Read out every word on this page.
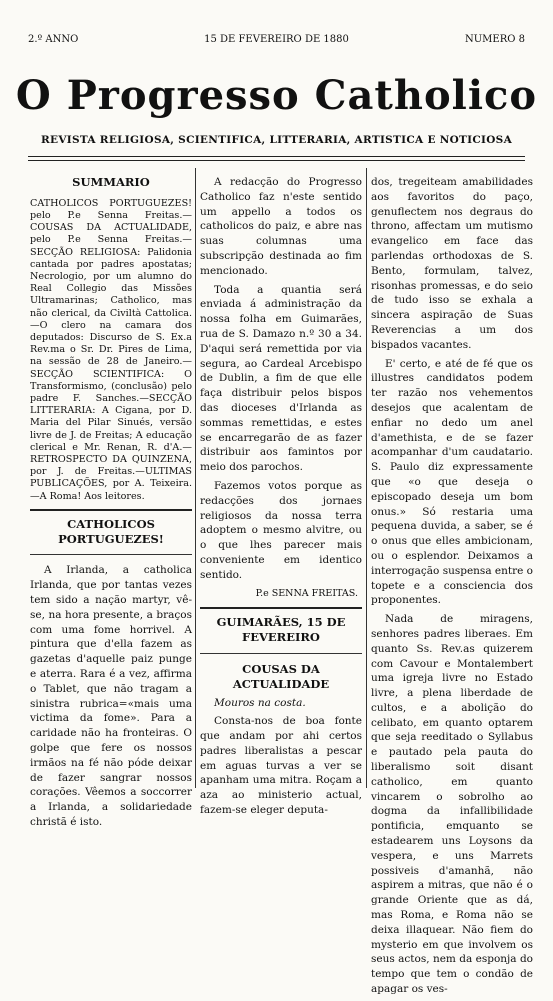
2.º ANNO	15 DE FEVEREIRO DE 1880	NUMERO 8
O Progresso Catholico
REVISTA RELIGIOSA, SCIENTIFICA, LITTERARIA, ARTISTICA E NOTICIOSA
SUMMARIO
CATHOLICOS PORTUGUEZES! pelo P.e Senna Freitas.—COUSAS DA ACTUALIDADE, pelo P.e Senna Freitas.—SECÇÃO RELIGIOSA: Palidonia cantada por padres apostatas; Necrologio, por um alumno do Real Collegio das Missões Ultramarinas; Catholico, mas não clerical, da Civiltà Cattolica.—O clero na camara dos deputados: Discurso de S. Ex.a Rev.ma o Sr. Dr. Pires de Lima, na sessão de 28 de Janeiro.—SECÇÃO SCIENTIFICA: O Transformismo, (conclusão) pelo padre F. Sanches.—SECÇÃO LITTERARIA: A Cigana, por D. Maria del Pilar Sinués, versão livre de J. de Freitas; A educação clerical e Mr. Renan, R. d'A.—RETROSPECTO DA QUINZENA, por J. de Freitas.—ULTIMAS PUBLICAÇÕES, por A. Teixeira.—A Roma! Aos leitores.
CATHOLICOS PORTUGUEZES!

A Irlanda, a catholica Irlanda, que por tantas vezes tem sido a nação martyr, vê-se, na hora presente, a braços com uma fome horrivel. A pintura que d'ella fazem as gazetas d'aquelle paiz punge e aterra. Rara é a vez, affirma o Tablet, que não tragam a sinistra rubrica=«mais uma victima da fome». Para a caridade não ha fronteiras. O golpe que fere os nossos irmãos na fé não póde deixar de fazer sangrar nossos corações. Vêemos a soccorrer a Irlanda, a solidariedade christã é isto.

A redacção do Progresso Catholico faz n'este sentido um appello a todos os catholicos do paiz, e abre nas suas columnas uma subscripção destinada ao fim mencionado.

Toda a quantia será enviada á administração da nossa folha em Guimarães, rua de S. Damazo n.º 30 a 34. D'aqui será remettida por via segura, ao Cardeal Arcebispo de Dublin, a fim de que elle faça distribuir pelos bispos das dioceses d'Irlanda as sommas remettidas, e estes se encarregarão de as fazer distribuir aos famintos por meio dos parochos.

Fazemos votos porque as redacções dos jornaes religiosos da nossa terra adoptem o mesmo alvitre, ou o que lhes parecer mais conveniente em identico sentido.

P.e SENNA FREITAS.
GUIMARÃES, 15 DE FEVEREIRO
COUSAS DA ACTUALIDADE

Mouros na costa.

Consta-nos de boa fonte que andam por ahi certos padres liberalistas a pescar em aguas turvas a ver se apanham uma mitra. Roçam a aza ao ministerio actual, fazem-se eleger deputa-

dos, tregeiteam amabilidades aos favoritos do paço, genuflectem nos degraus do throno, affectam um mutismo evangelico em face das parlendas orthodoxas de S. Bento, formulam, talvez, risonhas promessas, e do seio de tudo isso se exhala a sincera aspiração de Suas Reverencias a um dos bispados vacantes.

E' certo, e até de fé que os illustres candidatos podem ter razão nos vehementos desejos que acalentam de enfiar no dedo um anel d'amethista, e de se fazer acompanhar d'um caudatario. S. Paulo diz expressamente que «o que deseja o episcopado deseja um bom onus.» Só restaria uma pequena duvida, a saber, se é o onus que elles ambicionam, ou o esplendor. Deixamos a interrogação suspensa entre o topete e a consciencia dos proponentes.

Nada de miragens, senhores padres liberaes. Em quanto Ss. Rev.as quizerem com Cavour e Montalembert uma igreja livre no Estado livre, a plena liberdade de cultos, e a abolição do celibato, em quanto optarem que seja reeditado o Syllabus e pautado pela pauta do liberalismo soit disant catholico, em quanto vincarem o sobrolho ao dogma da infallibilidade pontificia, emquanto se estadearem uns Loysons da vespera, e uns Marrets possiveis d'amanhã, não aspirem a mitras, que não é o grande Oriente que as dá, mas Roma, e Roma não se deixa illaquear. Não fiem do mysterio em que involvem os seus actos, nem da esponja do tempo que tem o condão de apagar os ves-
